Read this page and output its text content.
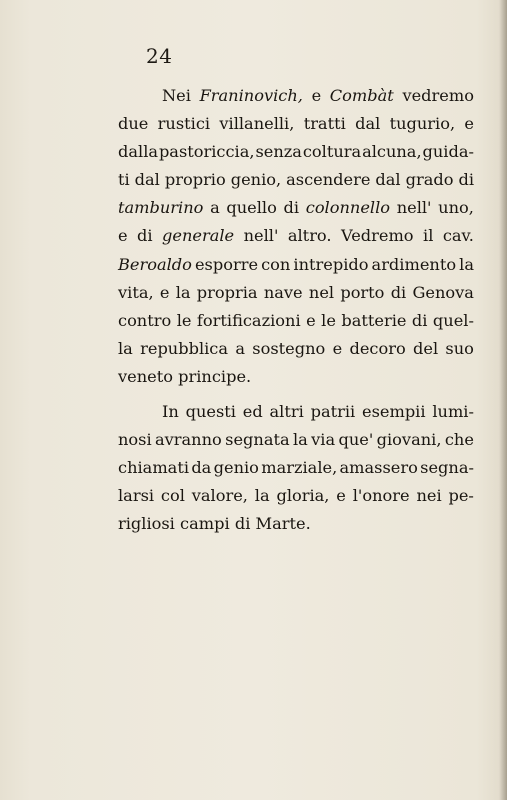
24
Nei Franinovich, e Combàt vedremo
due rustici villanelli, tratti dal tugurio, e
dalla pastoriccia, senza coltura alcuna, guida-
ti dal proprio genio, ascendere dal grado di
tamburino a quello di colonnello nell' uno,
e di generale nell' altro. Vedremo il cav.
Beroaldo esporre con intrepido ardimento la
vita, e la propria nave nel porto di Genova
contro le fortificazioni e le batterie di quel-
la repubblica a sostegno e decoro del suo
veneto principe.
In questi ed altri patrii esempii lumi-
nosi avranno segnata la via que' giovani, che
chiamati da genio marziale, amassero segna-
larsi col valore, la gloria, e l'onore nei pe-
rigliosi campi di Marte.
